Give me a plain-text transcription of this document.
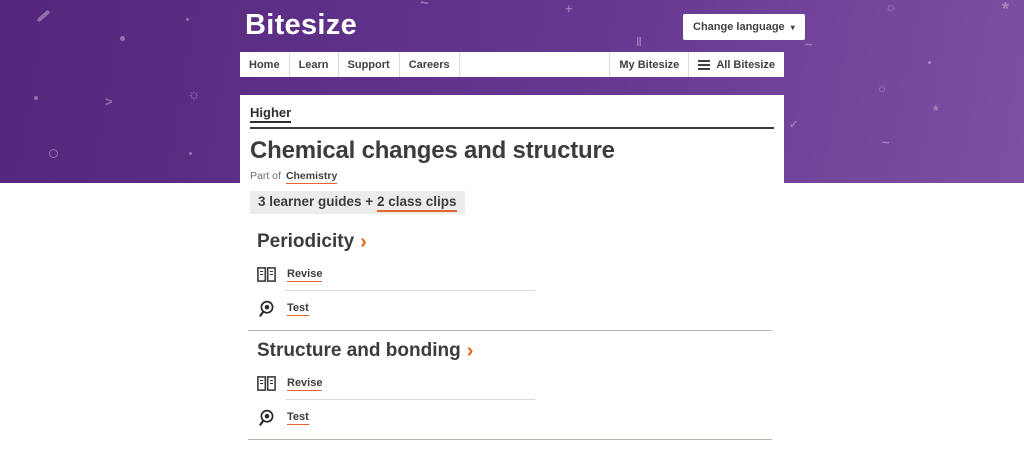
~	+
‖
☼	*
~
○
*
✓
~
>	☼
Bitesize	Change language ▾
Home	Learn	Support	Careers	My Bitesize	All Bitesize
Higher
Chemical changes and structure
Part of Chemistry
3 learner guides + 2 class clips
Periodicity ›
Revise
Test
Structure and bonding ›
Revise
Test
